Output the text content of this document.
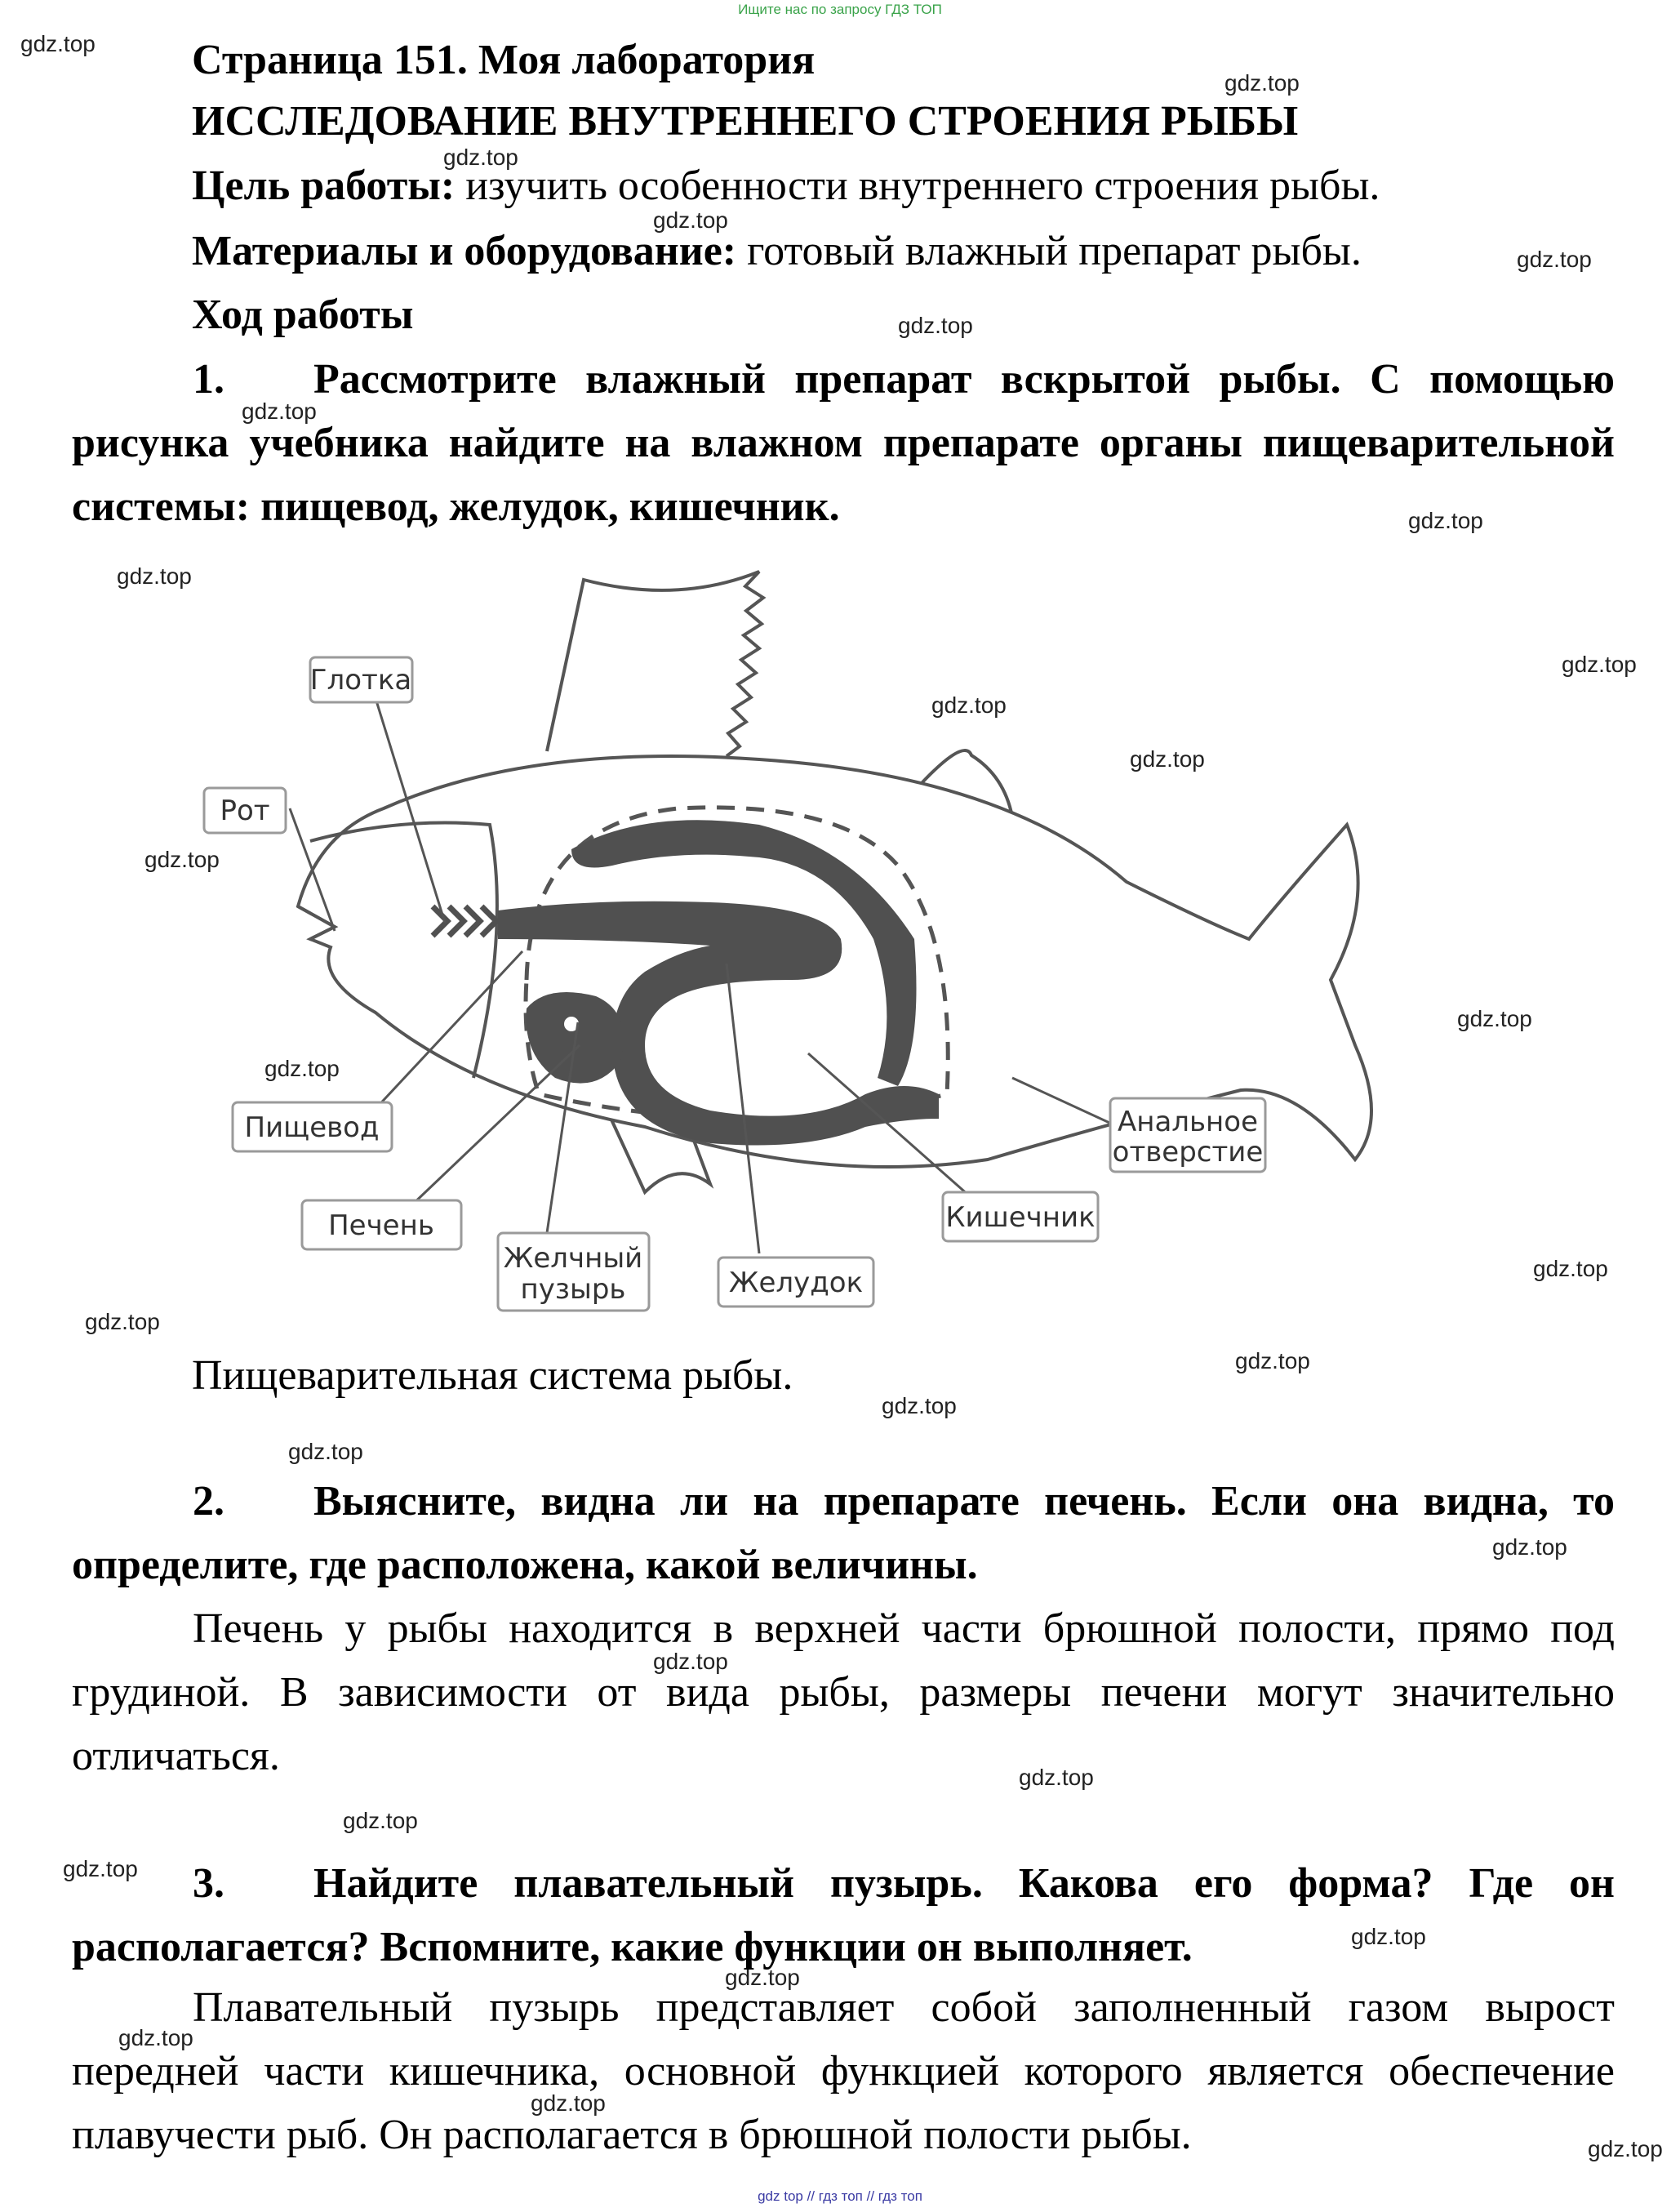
Ищите нас по запросу ГДЗ ТОП
gdz.top
gdz.top
gdz.top
gdz.top
gdz.top
gdz.top
gdz.top
gdz.top
gdz.top
gdz.top
gdz.top
gdz.top
gdz.top
gdz.top
gdz.top
gdz.top
gdz.top
gdz.top
gdz.top
gdz.top
gdz.top
gdz.top
gdz.top
gdz.top
gdz.top
gdz.top
gdz.top
gdz.top
gdz.top
gdz.top
Страница 151. Моя лаборатория
ИССЛЕДОВАНИЕ ВНУТРЕННЕГО СТРОЕНИЯ РЫБЫ
Цель работы: изучить особенности внутреннего строения рыбы.
Материалы и оборудование: готовый влажный препарат рыбы.
Ход работы
1. Рассмотрите влажный препарат вскрытой рыбы. С помощью рисунка учебника найдите на влажном препарате органы пищеварительной системы: пищевод, желудок, кишечник.
Глотка
Рот
Пищевод
Печень
Желчный
пузырь	Желудок
Кишечник
Анальное
отверстие
Пищеварительная система рыбы.
2. Выясните, видна ли на препарате печень. Если она видна, то определите, где расположена, какой величины.
Печень у рыбы находится в верхней части брюшной полости, прямо под грудиной. В зависимости от вида рыбы, размеры печени могут значительно отличаться.
3. Найдите плавательный пузырь. Какова его форма? Где он располагается? Вспомните, какие функции он выполняет.
Плавательный пузырь представляет собой заполненный газом вырост передней части кишечника, основной функцией которого является обеспечение плавучести рыб. Он располагается в брюшной полости рыбы.
gdz top // гдз топ // гдз топ
